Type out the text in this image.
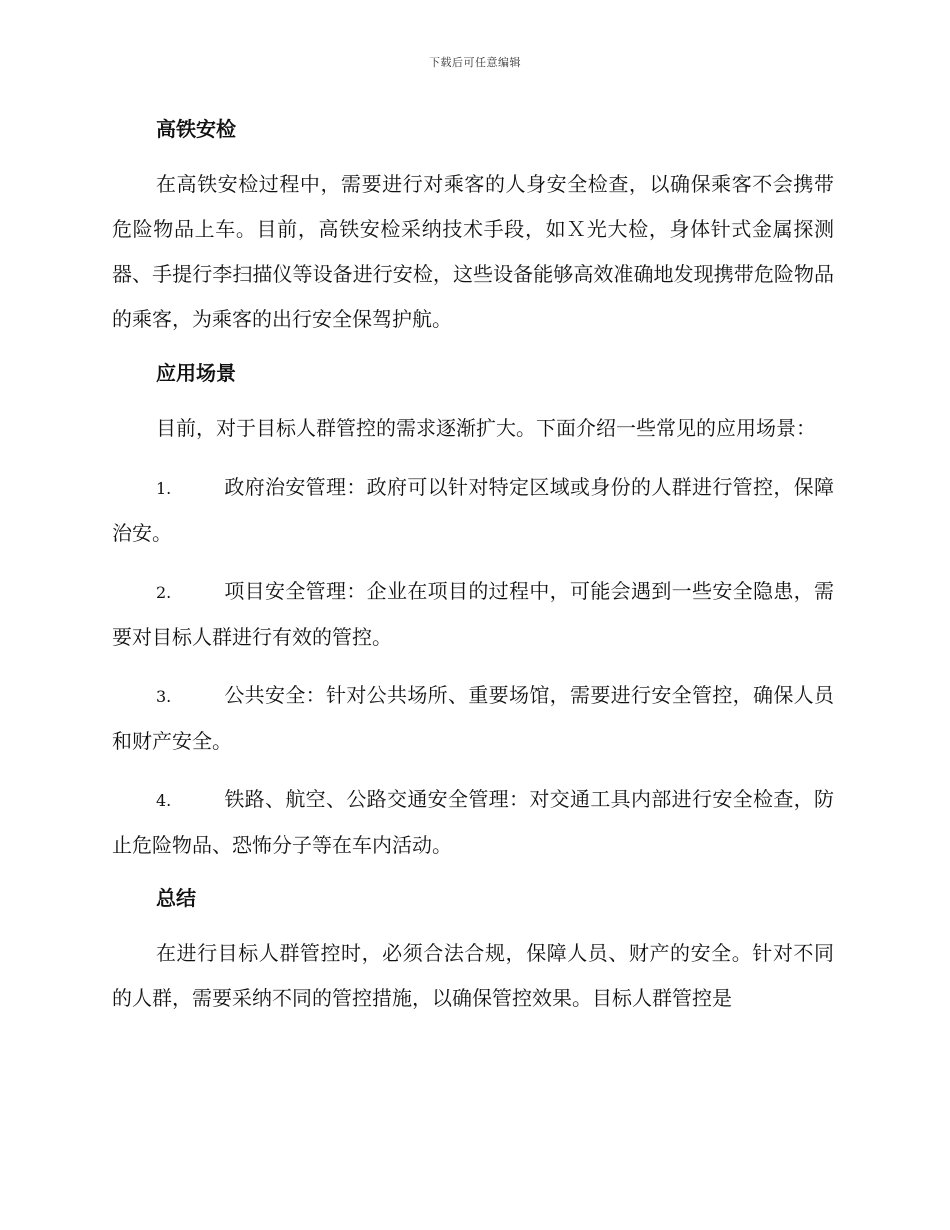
下载后可任意编辑
高铁安检

在高铁安检过程中，需要进行对乘客的人身安全检查，以确保乘客不会携带危险物品上车。目前，高铁安检采纳技术手段，如Ｘ光大检，身体针式金属探测器、手提行李扫描仪等设备进行安检，这些设备能够高效准确地发现携带危险物品的乘客，为乘客的出行安全保驾护航。

应用场景

目前，对于目标人群管控的需求逐渐扩大。下面介绍一些常见的应用场景：

1.	政府治安管理：政府可以针对特定区域或身份的人群进行管控，保障治安。
2.	项目安全管理：企业在项目的过程中，可能会遇到一些安全隐患，需要对目标人群进行有效的管控。
3.	公共安全：针对公共场所、重要场馆，需要进行安全管控，确保人员和财产安全。
4.	铁路、航空、公路交通安全管理：对交通工具内部进行安全检查，防止危险物品、恐怖分子等在车内活动。
总结

在进行目标人群管控时，必须合法合规，保障人员、财产的安全。针对不同的人群，需要采纳不同的管控措施，以确保管控效果。目标人群管控是
